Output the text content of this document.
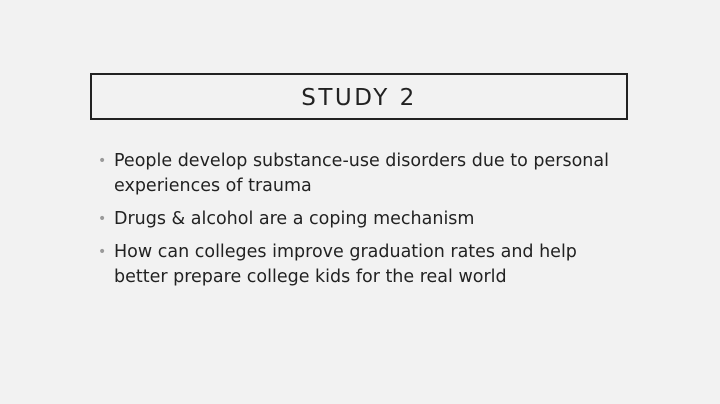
STUDY 2
• People develop substance-use disorders due to personal experiences of trauma
• Drugs & alcohol are a coping mechanism
• How can colleges improve graduation rates and help better prepare college kids for the real world
